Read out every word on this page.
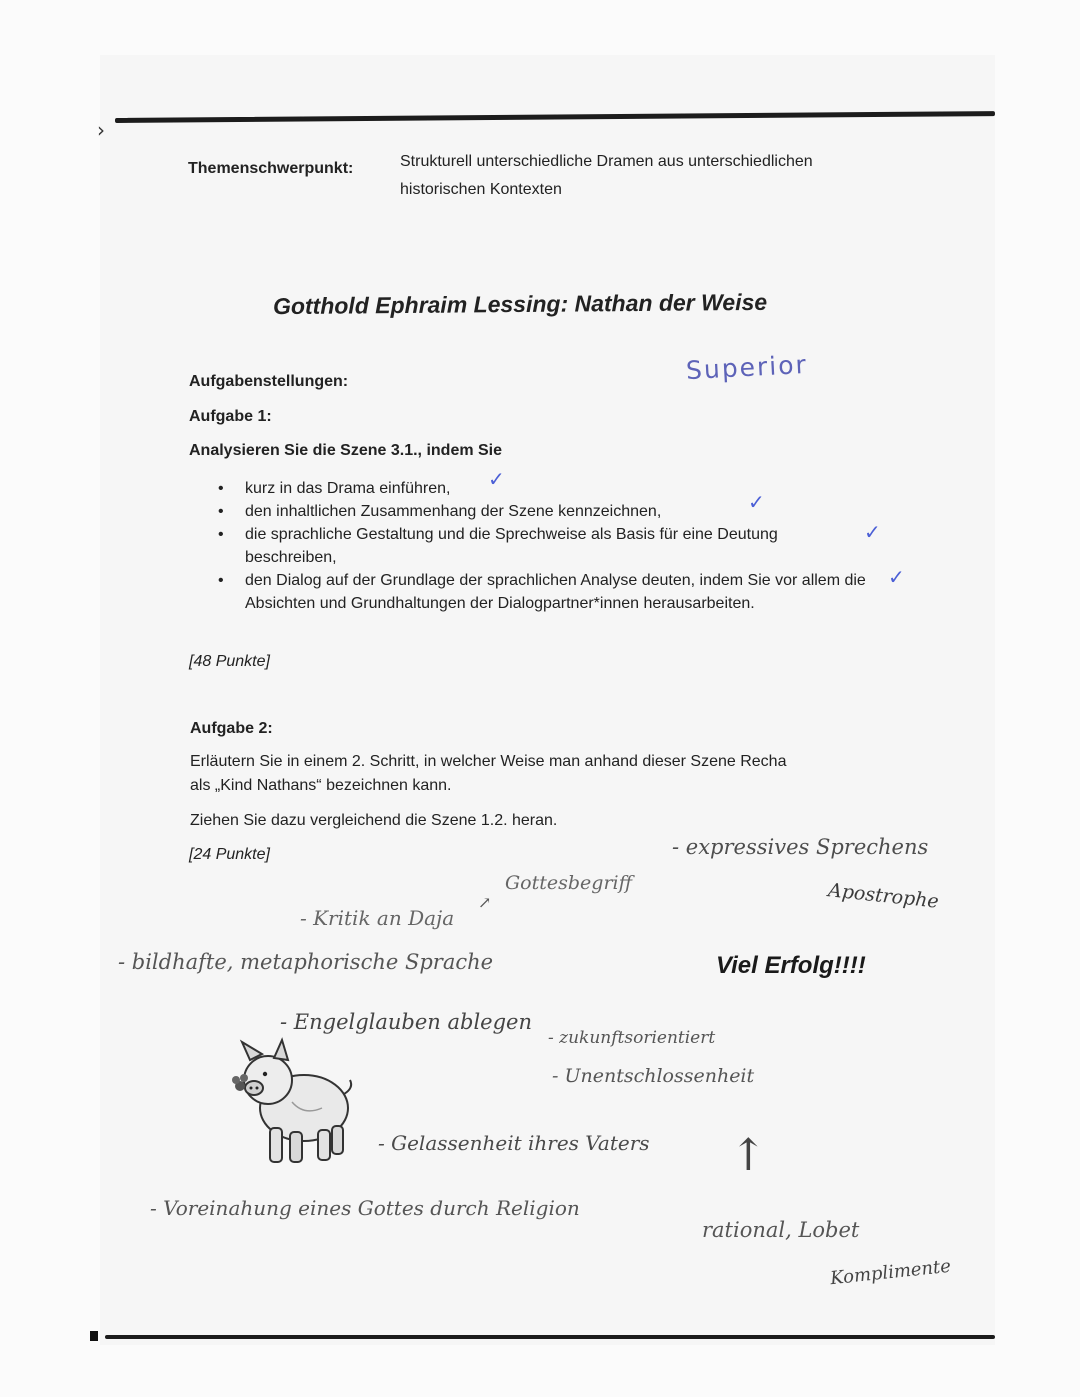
›
Themenschwerpunkt:	Strukturell unterschiedliche Dramen aus unterschiedlichen
historischen Kontexten
Gotthold Ephraim Lessing: Nathan der Weise
Superior
Aufgabenstellungen:
Aufgabe 1:
Analysieren Sie die Szene 3.1., indem Sie
• kurz in das Drama einführen,
• den inhaltlichen Zusammenhang der Szene kennzeichnen,
• die sprachliche Gestaltung und die Sprechweise als Basis für eine Deutung beschreiben,
• den Dialog auf der Grundlage der sprachlichen Analyse deuten, indem Sie vor allem die Absichten und Grundhaltungen der Dialogpartner*innen herausarbeiten.
✓
✓
✓
✓
[48 Punkte]
Aufgabe 2:
Erläutern Sie in einem 2. Schritt, in welcher Weise man anhand dieser Szene Recha
als „Kind Nathans“ bezeichnen kann.
Ziehen Sie dazu vergleichend die Szene 1.2. heran.
[24 Punkte]	- expressives Sprechens
Apostrophe
Gottesbegriff
↗
- Kritik an Daja
- bildhafte, metaphorische Sprache	Viel Erfolg!!!!
- Engelglauben ablegen
- zukunftsorientiert
- Unentschlossenheit
- Gelassenheit ihres Vaters ↑
- Voreinahung eines Gottes durch Religion
rational, Lobet
Komplimente
